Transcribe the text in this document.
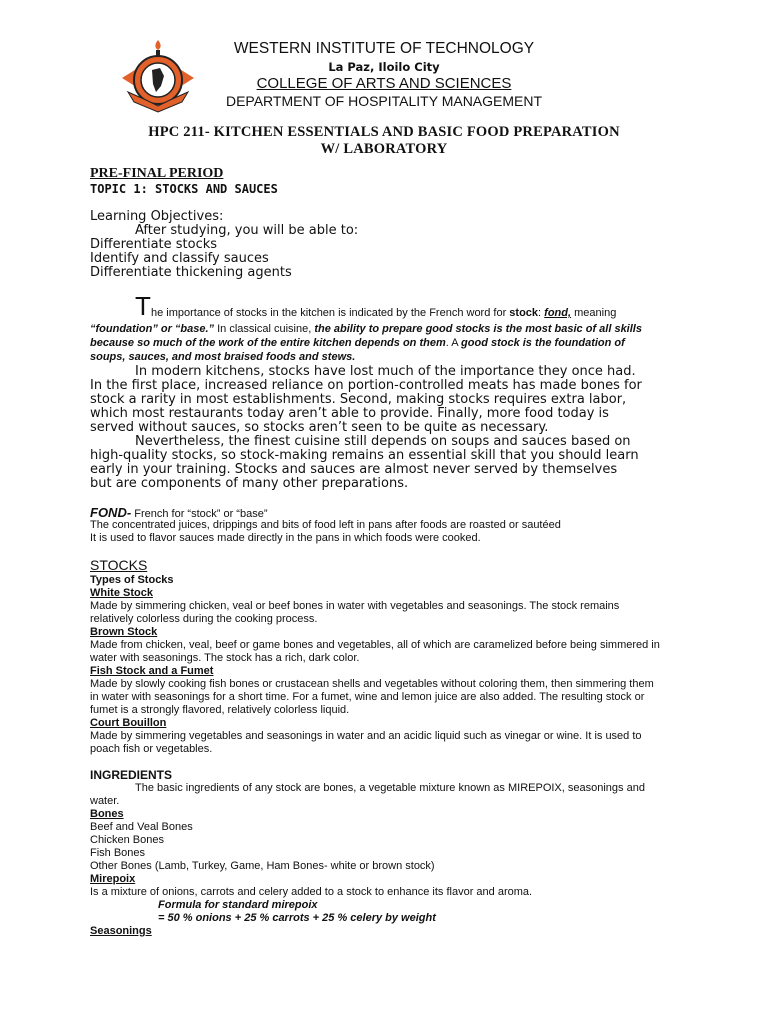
WESTERN INSTITUTE OF TECHNOLOGY
La Paz, Iloilo City
COLLEGE OF ARTS AND SCIENCES
DEPARTMENT OF HOSPITALITY MANAGEMENT
HPC 211- KITCHEN ESSENTIALS AND BASIC FOOD PREPARATION
W/ LABORATORY
PRE-FINAL PERIOD
TOPIC 1: STOCKS AND SAUCES
Learning Objectives:
After studying, you will be able to:
Differentiate stocks
Identify and classify sauces
Differentiate thickening agents
T he importance of stocks in the kitchen is indicated by the French word for stock: fond, meaning
“foundation” or “base.” In classical cuisine, the ability to prepare good stocks is the most basic of all skills
because so much of the work of the entire kitchen depends on them. A good stock is the foundation of
soups, sauces, and most braised foods and stews.
In modern kitchens, stocks have lost much of the importance they once had.
In the first place, increased reliance on portion-controlled meats has made bones for
stock a rarity in most establishments. Second, making stocks requires extra labor,
which most restaurants today aren’t able to provide. Finally, more food today is
served without sauces, so stocks aren’t seen to be quite as necessary.
Nevertheless, the finest cuisine still depends on soups and sauces based on
high-quality stocks, so stock-making remains an essential skill that you should learn
early in your training. Stocks and sauces are almost never served by themselves
but are components of many other preparations.
FOND- French for “stock” or “base”
The concentrated juices, drippings and bits of food left in pans after foods are roasted or sautéed
It is used to flavor sauces made directly in the pans in which foods were cooked.
STOCKS
Types of Stocks
White Stock
Made by simmering chicken, veal or beef bones in water with vegetables and seasonings. The stock remains
relatively colorless during the cooking process.
Brown Stock
Made from chicken, veal, beef or game bones and vegetables, all of which are caramelized before being simmered in
water with seasonings. The stock has a rich, dark color.
Fish Stock and a Fumet
Made by slowly cooking fish bones or crustacean shells and vegetables without coloring them, then simmering them
in water with seasonings for a short time. For a fumet, wine and lemon juice are also added. The resulting stock or
fumet is a strongly flavored, relatively colorless liquid.
Court Bouillon
Made by simmering vegetables and seasonings in water and an acidic liquid such as vinegar or wine. It is used to
poach fish or vegetables.
INGREDIENTS
The basic ingredients of any stock are bones, a vegetable mixture known as MIREPOIX, seasonings and
water.
Bones
Beef and Veal Bones
Chicken Bones
Fish Bones
Other Bones (Lamb, Turkey, Game, Ham Bones- white or brown stock)
Mirepoix
Is a mixture of onions, carrots and celery added to a stock to enhance its flavor and aroma.
Formula for standard mirepoix
= 50 % onions + 25 % carrots + 25 % celery by weight
Seasonings
